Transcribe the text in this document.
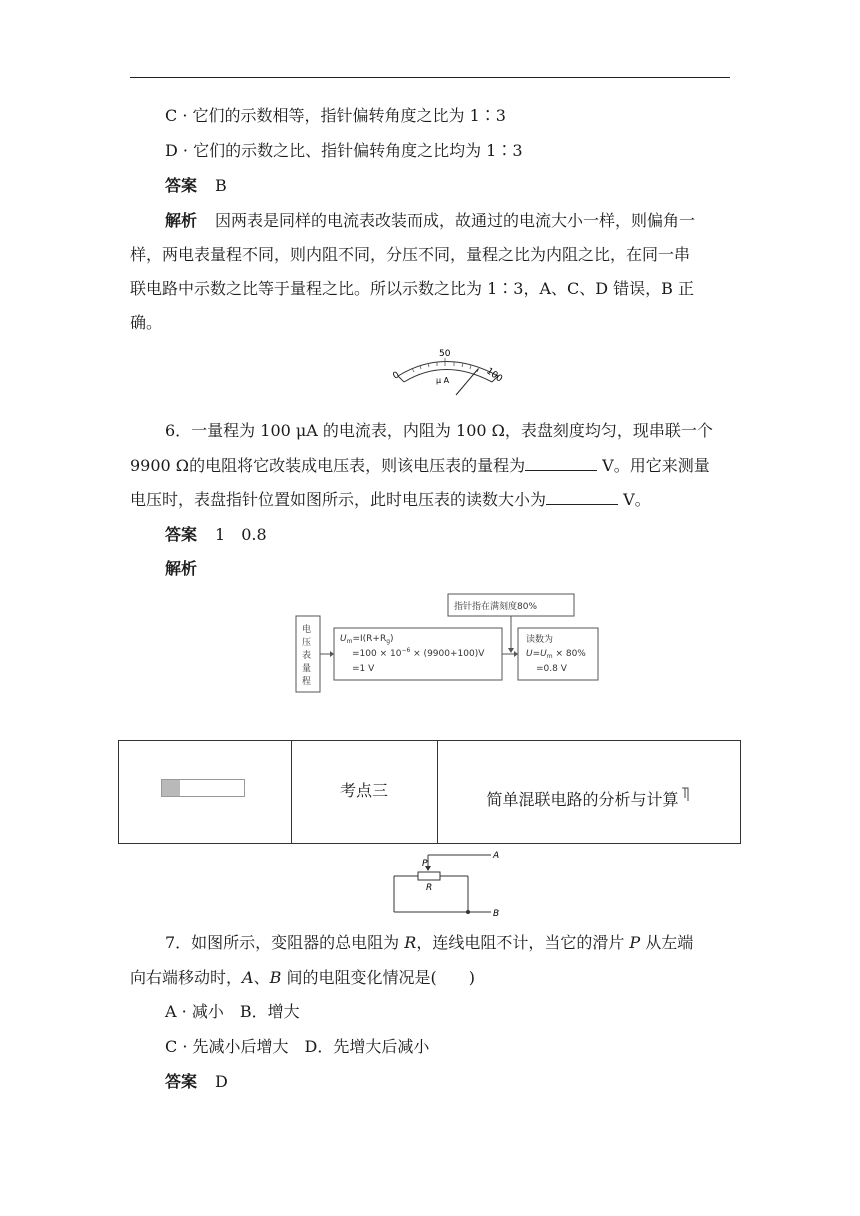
C · 它们的示数相等，指针偏转角度之比为 1∶3
D · 它们的示数之比、指针偏转角度之比均为 1∶3
答案 B
解析 因两表是同样的电流表改装而成，故通过的电流大小一样，则偏角一
样，两电表量程不同，则内阻不同，分压不同，量程之比为内阻之比，在同一串
联电路中示数之比等于量程之比。所以示数之比为 1∶3，A、C、D 错误，B 正
确。
0
50
100
μ A
6．一量程为 100 μA 的电流表，内阻为 100 Ω，表盘刻度均匀，现串联一个
9900 Ω的电阻将它改装成电压表，则该电压表的量程为	V。用它来测量
电压时，表盘指针位置如图所示，此时电压表的读数大小为	V。
答案 1　0.8
解析
电
压
表
量
程
$U_m=I(R+R_g)$
$=100 \times 10^{-6} \times (9900+100)V$
=1 V
指针指在满刻度80%
读数为
$U=U_m \times 80\%$
=0.8 V
考点三	简单混联电路的分析与计算
P
R
A
B
7．如图所示，变阻器的总电阻为 R，连线电阻不计，当它的滑片 P 从左端
向右端移动时，A、B 间的电阻变化情况是(　　)
A · 减小　B．增大
C · 先减小后增大　D．先增大后减小
答案 D
